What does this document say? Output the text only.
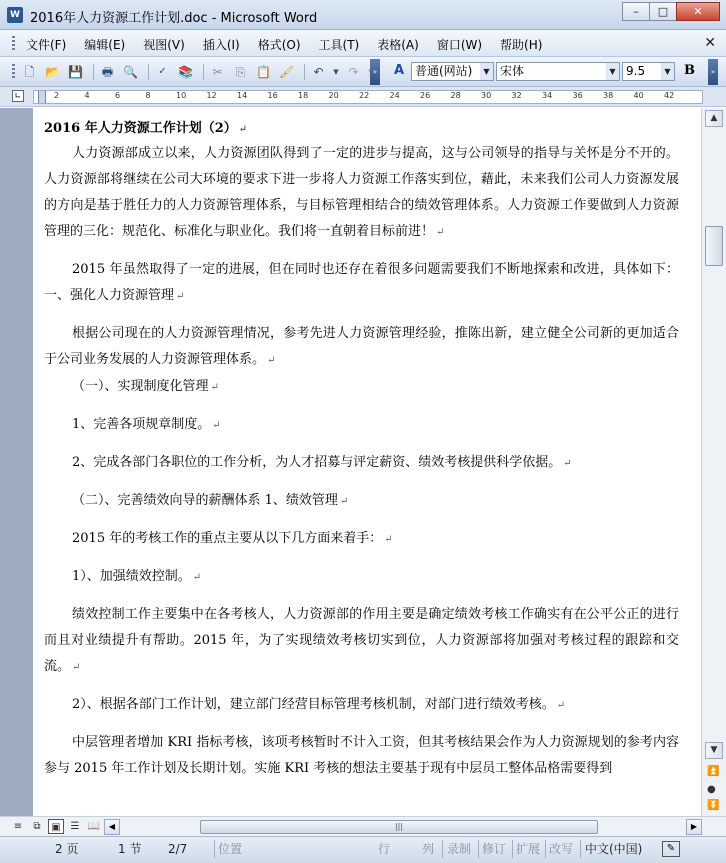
W 2016年人力资源工作计划.doc - Microsoft Word	–	□	✕
文件(F) 编辑(E) 视图(V) 插入(I) 格式(O) 工具(T) 表格(A) 窗口(W) 帮助(H)	✕
🗋 📂 💾	🖶 🔍	✓ 📚	✂	⎘ 📋 🖌	↶	▼ ↷	» A 普通(网站)	▼ 宋体	▼ 9.5	▼ B	»
∟	2	4	6	8	10	12	14	16	18	20	22	24	26	28	30	32	34	36	38	40	42
2016 年人力资源工作计划（2） ↵
人力资源部成立以来，人力资源团队得到了一定的进步与提高，这与公司领导的指导与关怀是分不开的。人力资源部将继续在公司大环境的要求下进一步将人力资源工作落实到位，藉此，未来我们公司人力资源发展的方向是基于胜任力的人力资源管理体系，与目标管理相结合的绩效管理体系。人力资源工作要做到人力资源管理的三化：规范化、标准化与职业化。我们将一直朝着目标前进！ ↵
2015 年虽然取得了一定的进展，但在同时也还存在着很多问题需要我们不断地探索和改进，具体如下：一、强化人力资源管理 ↵
根据公司现在的人力资源管理情况，参考先进人力资源管理经验，推陈出新，建立健全公司新的更加适合于公司业务发展的人力资源管理体系。 ↵
（一）、实现制度化管理 ↵
1、完善各项规章制度。 ↵
2、完成各部门各职位的工作分析，为人才招募与评定薪资、绩效考核提供科学依据。 ↵
（二）、完善绩效向导的薪酬体系 1、绩效管理 ↵
2015 年的考核工作的重点主要从以下几方面来着手： ↵
1）、加强绩效控制。 ↵
绩效控制工作主要集中在各考核人，人力资源部的作用主要是确定绩效考核工作确实有在公平公正的进行而且对业绩提升有帮助。2015 年，为了实现绩效考核切实到位，人力资源部将加强对考核过程的跟踪和交流。 ↵
2）、根据各部门工作计划，建立部门经营目标管理考核机制，对部门进行绩效考核。 ↵
中层管理者增加 KRI 指标考核，该项考核暂时不计入工资，但其考核结果会作为人力资源规划的参考内容参与 2015 年工作计划及长期计划。实施 KRI 考核的想法主要基于现有中层员工整体品格需要得到
▲
▼
⏫
●
⏬
≡	⧉	▣ ☰ 📖	◀	|||	▶
2 页	1 节 2/7	位置	行	列 录制 修订 扩展 改写 中文(中国)	✎
